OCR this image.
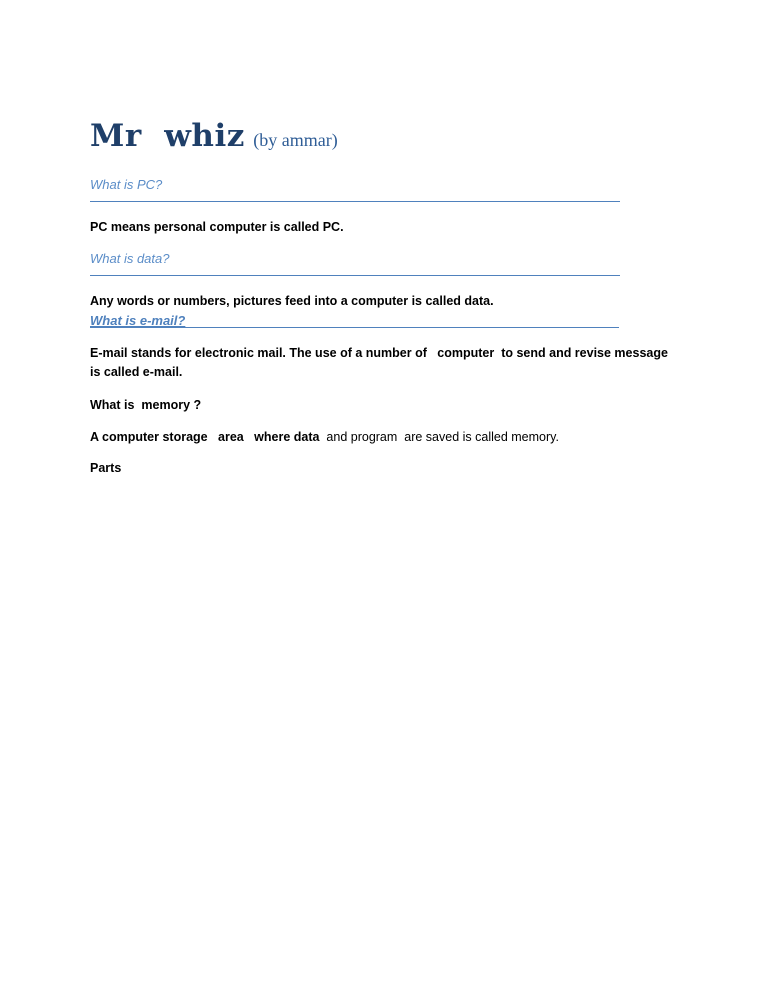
Mr  whiz (by ammar)
What is PC?
PC means personal computer is called PC.
What is data?
Any words or numbers, pictures feed into a computer is called data.
What is e-mail?
E-mail stands for electronic mail. The use of a number of   computer  to send and revise message is called e-mail.
What is  memory ?
A computer storage   area   where data  and program  are saved is called memory.
Parts
